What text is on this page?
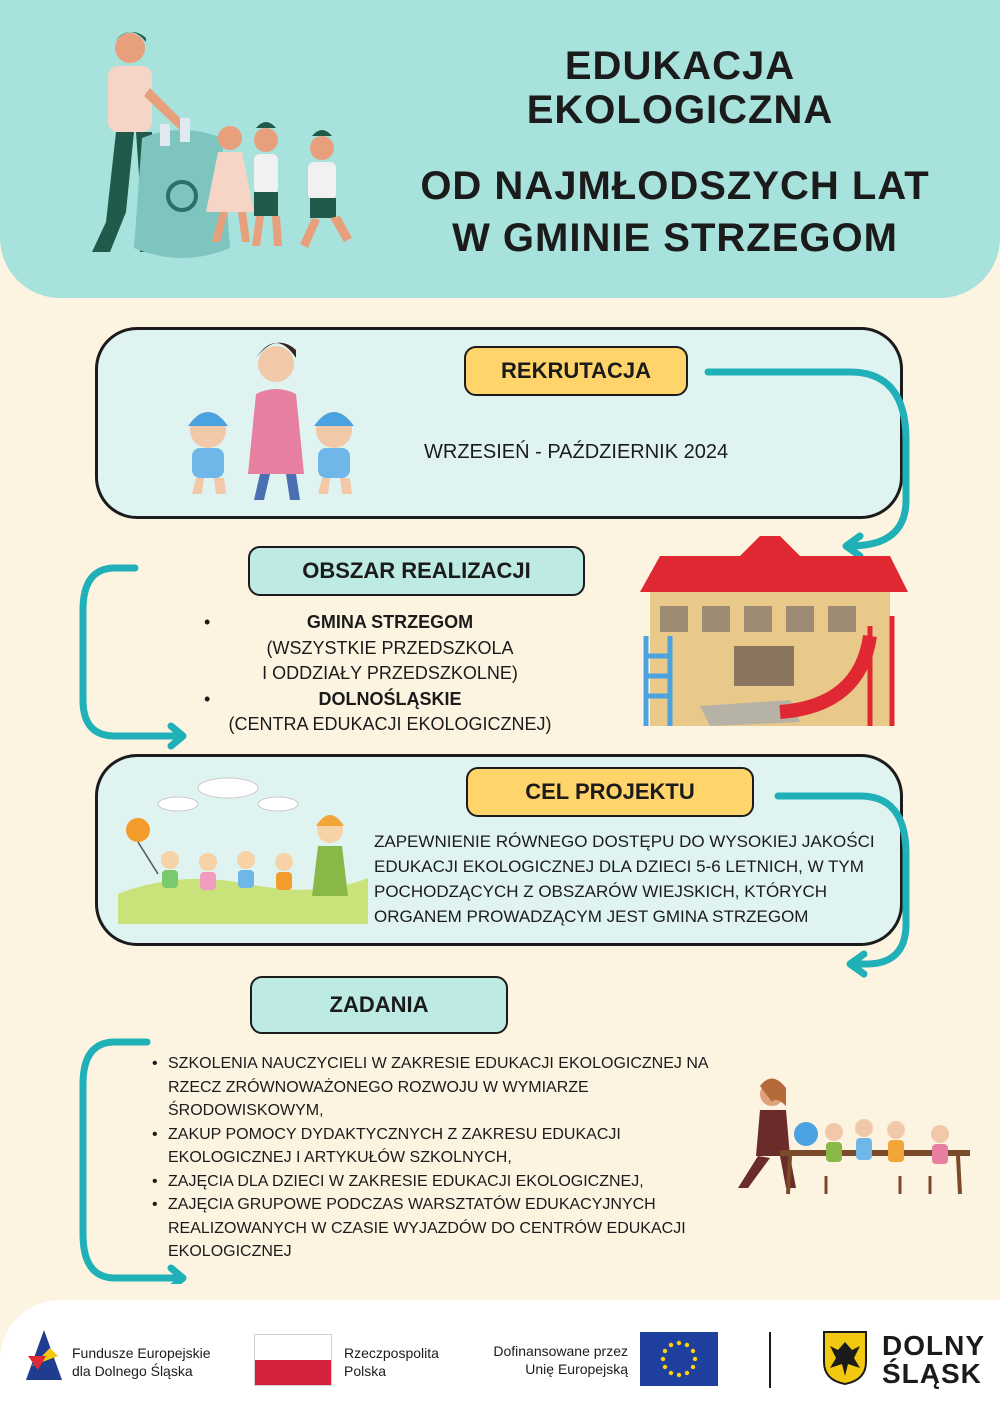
EDUKACJA
EKOLOGICZNA
OD NAJMŁODSZYCH LAT
W GMINIE STRZEGOM
REKRUTACJA
WRZESIEŃ - PAŹDZIERNIK 2024
OBSZAR REALIZACJI
•	GMINA STRZEGOM
(WSZYSTKIE PRZEDSZKOLA
I ODDZIAŁY PRZEDSZKOLNE)
•	DOLNOŚLĄSKIE
(CENTRA EDUKACJI EKOLOGICZNEJ)
CEL PROJEKTU
ZAPEWNIENIE RÓWNEGO DOSTĘPU DO WYSOKIEJ JAKOŚCI
EDUKACJI EKOLOGICZNEJ DLA DZIECI 5-6 LETNICH, W TYM
POCHODZĄCYCH Z OBSZARÓW WIEJSKICH, KTÓRYCH
ORGANEM PROWADZĄCYM JEST GMINA STRZEGOM
ZADANIA
• SZKOLENIA NAUCZYCIELI W ZAKRESIE EDUKACJI EKOLOGICZNEJ NA
RZECZ ZRÓWNOWAŻONEGO ROZWOJU W WYMIARZE
ŚRODOWISKOWYM,
• ZAKUP POMOCY DYDAKTYCZNYCH Z ZAKRESU EDUKACJI
EKOLOGICZNEJ I ARTYKUŁÓW SZKOLNYCH,
• ZAJĘCIA DLA DZIECI W ZAKRESIE EDUKACJI EKOLOGICZNEJ,
• ZAJĘCIA GRUPOWE PODCZAS WARSZTATÓW EDUKACYJNYCH
REALIZOWANYCH W CZASIE WYJAZDÓW DO CENTRÓW EDUKACJI
EKOLOGICZNEJ
Fundusze Europejskie
dla Dolnego Śląska
Rzeczpospolita
Polska
Dofinansowane przez
Unię Europejską
DOLNY
ŚLĄSK
